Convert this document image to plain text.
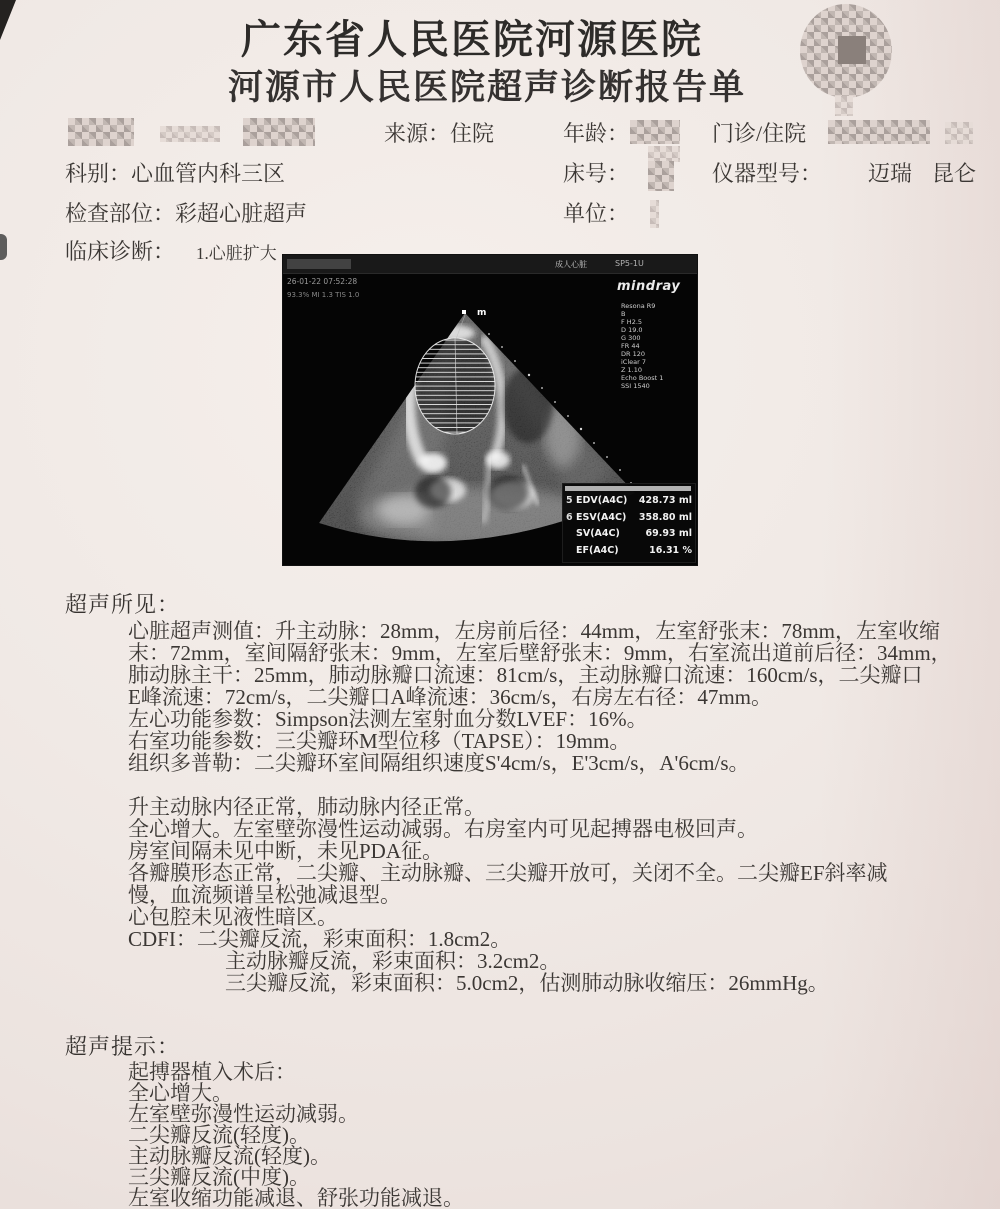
广东省人民医院河源医院
河源市人民医院超声诊断报告单
来源：住院	年龄：	门诊/住院
科别：心血管内科三区	床号：	仪器型号： 迈瑞 昆仑
检查部位：彩超心脏超声	单位：
临床诊断： 1.心脏扩大
m
成人心脏	SP5-1U
26-01-22 07:52:28
93.3% MI 1.3 TIS 1.0
mindray
Resona R9
B
F H2.5
D 19.0
G 300
FR 44
DR 120
iClear 7
Z 1.10
Echo Boost 1
SSI 1540
5 EDV(A4C) 428.73 ml
6 ESV(A4C) 358.80 ml
SV(A4C)	69.93 ml
EF(A4C)	16.31 %
超声所见：
心脏超声测值：升主动脉：28mm，左房前后径：44mm，左室舒张末：78mm，左室收缩
末：72mm，室间隔舒张末：9mm，左室后壁舒张末：9mm，右室流出道前后径：34mm，
肺动脉主干：25mm，肺动脉瓣口流速：81cm/s，主动脉瓣口流速：160cm/s，二尖瓣口
E峰流速：72cm/s，二尖瓣口A峰流速：36cm/s，右房左右径：47mm。
左心功能参数：Simpson法测左室射血分数LVEF：16%。
右室功能参数：三尖瓣环M型位移（TAPSE）：19mm。
组织多普勒：二尖瓣环室间隔组织速度S'4cm/s，E'3cm/s，A'6cm/s。
升主动脉内径正常，肺动脉内径正常。
全心增大。左室壁弥漫性运动减弱。右房室内可见起搏器电极回声。
房室间隔未见中断，未见PDA征。
各瓣膜形态正常，二尖瓣、主动脉瓣、三尖瓣开放可，关闭不全。二尖瓣EF斜率减
慢，血流频谱呈松弛减退型。
心包腔未见液性暗区。
CDFI：二尖瓣反流，彩束面积：1.8cm2。
主动脉瓣反流，彩束面积：3.2cm2。
三尖瓣反流，彩束面积：5.0cm2，估测肺动脉收缩压：26mmHg。
超声提示：
起搏器植入术后：
全心增大。
左室壁弥漫性运动减弱。
二尖瓣反流(轻度)。
主动脉瓣反流(轻度)。
三尖瓣反流(中度)。
左室收缩功能减退、舒张功能减退。
